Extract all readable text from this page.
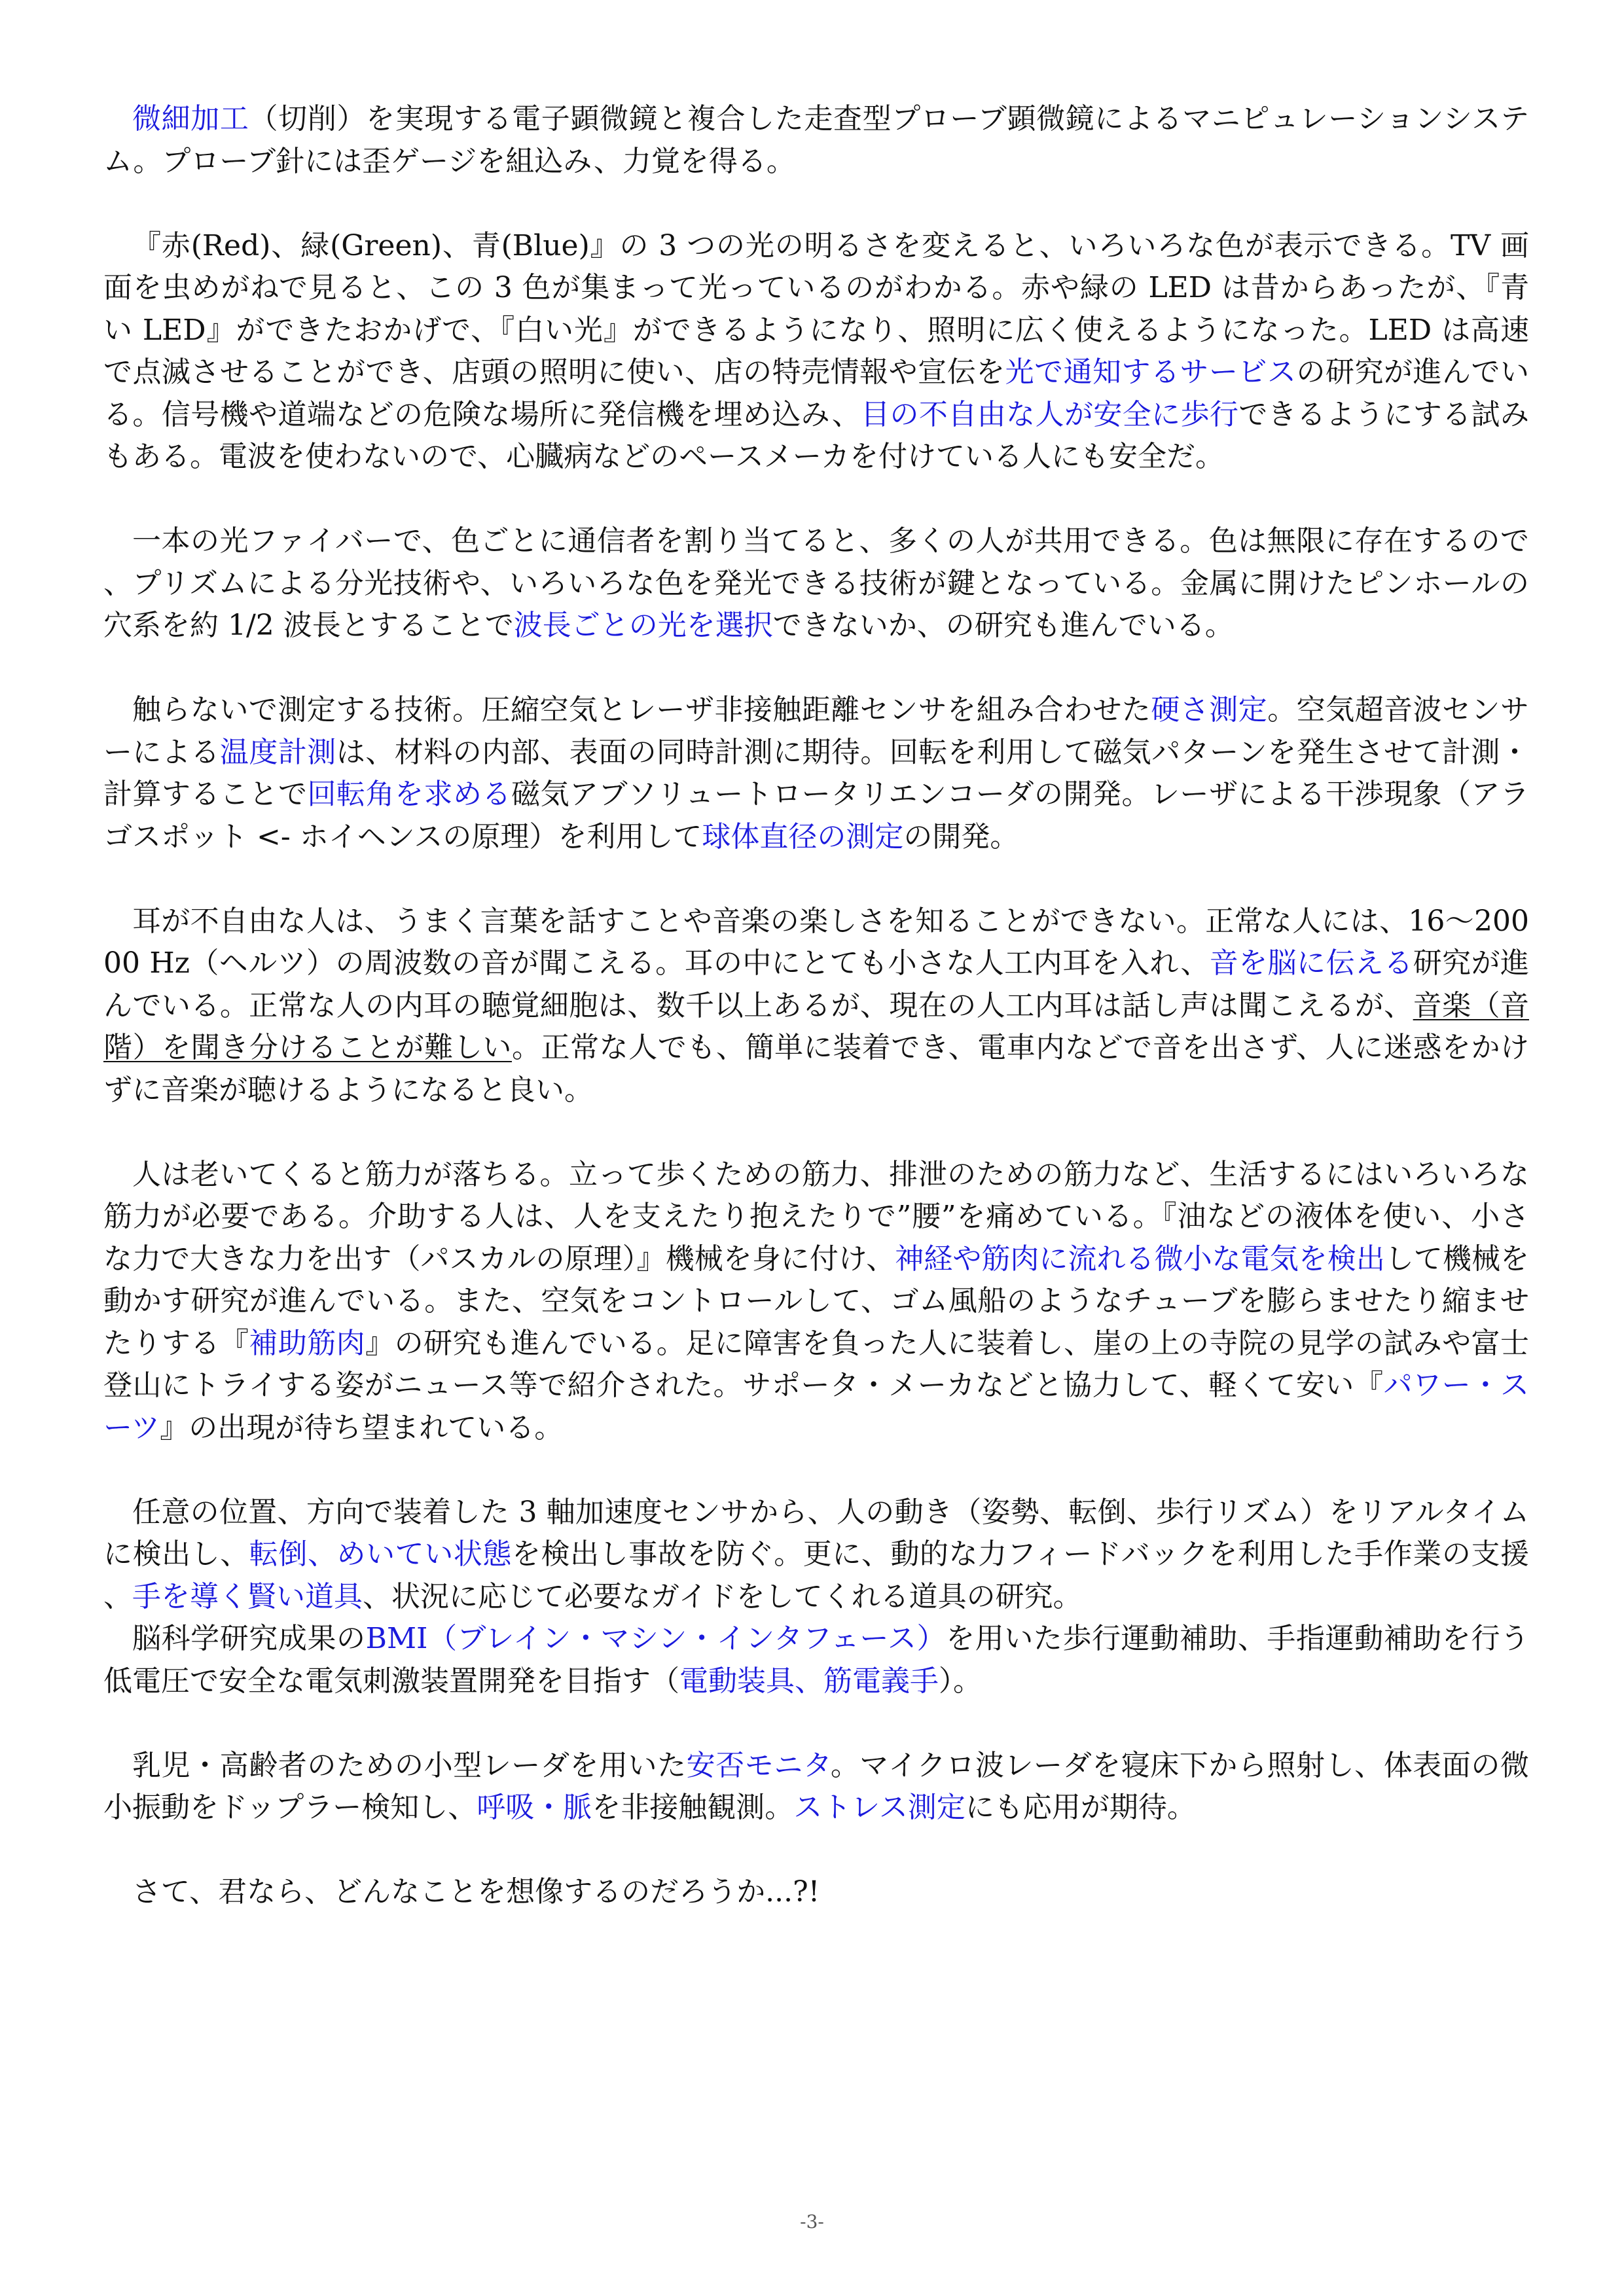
微細加工（切削）を実現する電子顕微鏡と複合した走査型プローブ顕微鏡によるマニピュレーションシステム。プローブ針には歪ゲージを組込み、力覚を得る。

『赤(Red)、緑(Green)、青(Blue)』の 3 つの光の明るさを変えると、いろいろな色が表示できる。TV 画面を虫めがねで見ると、この 3 色が集まって光っているのがわかる。赤や緑の LED は昔からあったが、『青い LED』ができたおかげで、『白い光』ができるようになり、照明に広く使えるようになった。LED は高速で点滅させることができ、店頭の照明に使い、店の特売情報や宣伝を光で通知するサービスの研究が進んでいる。信号機や道端などの危険な場所に発信機を埋め込み、目の不自由な人が安全に歩行できるようにする試みもある。電波を使わないので、心臓病などのペースメーカを付けている人にも安全だ。

一本の光ファイバーで、色ごとに通信者を割り当てると、多くの人が共用できる。色は無限に存在するので、プリズムによる分光技術や、いろいろな色を発光できる技術が鍵となっている。金属に開けたピンホールの穴系を約 1/2 波長とすることで波長ごとの光を選択できないか、の研究も進んでいる。

触らないで測定する技術。圧縮空気とレーザ非接触距離センサを組み合わせた硬さ測定。空気超音波センサーによる温度計測は、材料の内部、表面の同時計測に期待。回転を利用して磁気パターンを発生させて計測・計算することで回転角を求める磁気アブソリュートロータリエンコーダの開発。レーザによる干渉現象（アラゴスポット <- ホイヘンスの原理）を利用して球体直径の測定の開発。

耳が不自由な人は、うまく言葉を話すことや音楽の楽しさを知ることができない。正常な人には、16～20000 Hz（ヘルツ）の周波数の音が聞こえる。耳の中にとても小さな人工内耳を入れ、音を脳に伝える研究が進んでいる。正常な人の内耳の聴覚細胞は、数千以上あるが、現在の人工内耳は話し声は聞こえるが、音楽（音階）を聞き分けることが難しい。正常な人でも、簡単に装着でき、電車内などで音を出さず、人に迷惑をかけずに音楽が聴けるようになると良い。

人は老いてくると筋力が落ちる。立って歩くための筋力、排泄のための筋力など、生活するにはいろいろな筋力が必要である。介助する人は、人を支えたり抱えたりで”腰”を痛めている。『油などの液体を使い、小さな力で大きな力を出す（パスカルの原理）』機械を身に付け、神経や筋肉に流れる微小な電気を検出して機械を動かす研究が進んでいる。また、空気をコントロールして、ゴム風船のようなチューブを膨らませたり縮ませたりする『補助筋肉』の研究も進んでいる。足に障害を負った人に装着し、崖の上の寺院の見学の試みや富士登山にトライする姿がニュース等で紹介された。サポータ・メーカなどと協力して、軽くて安い『パワー・スーツ』の出現が待ち望まれている。

任意の位置、方向で装着した 3 軸加速度センサから、人の動き（姿勢、転倒、歩行リズム）をリアルタイムに検出し、転倒、めいてい状態を検出し事故を防ぐ。更に、動的な力フィードバックを利用した手作業の支援、手を導く賢い道具、状況に応じて必要なガイドをしてくれる道具の研究。

脳科学研究成果のBMI（ブレイン・マシン・インタフェース）を用いた歩行運動補助、手指運動補助を行う低電圧で安全な電気刺激装置開発を目指す（電動装具、筋電義手）。

乳児・高齢者のための小型レーダを用いた安否モニタ。マイクロ波レーダを寝床下から照射し、体表面の微小振動をドップラー検知し、呼吸・脈を非接触観測。ストレス測定にも応用が期待。

さて、君なら、どんなことを想像するのだろうか...?!

-3-
